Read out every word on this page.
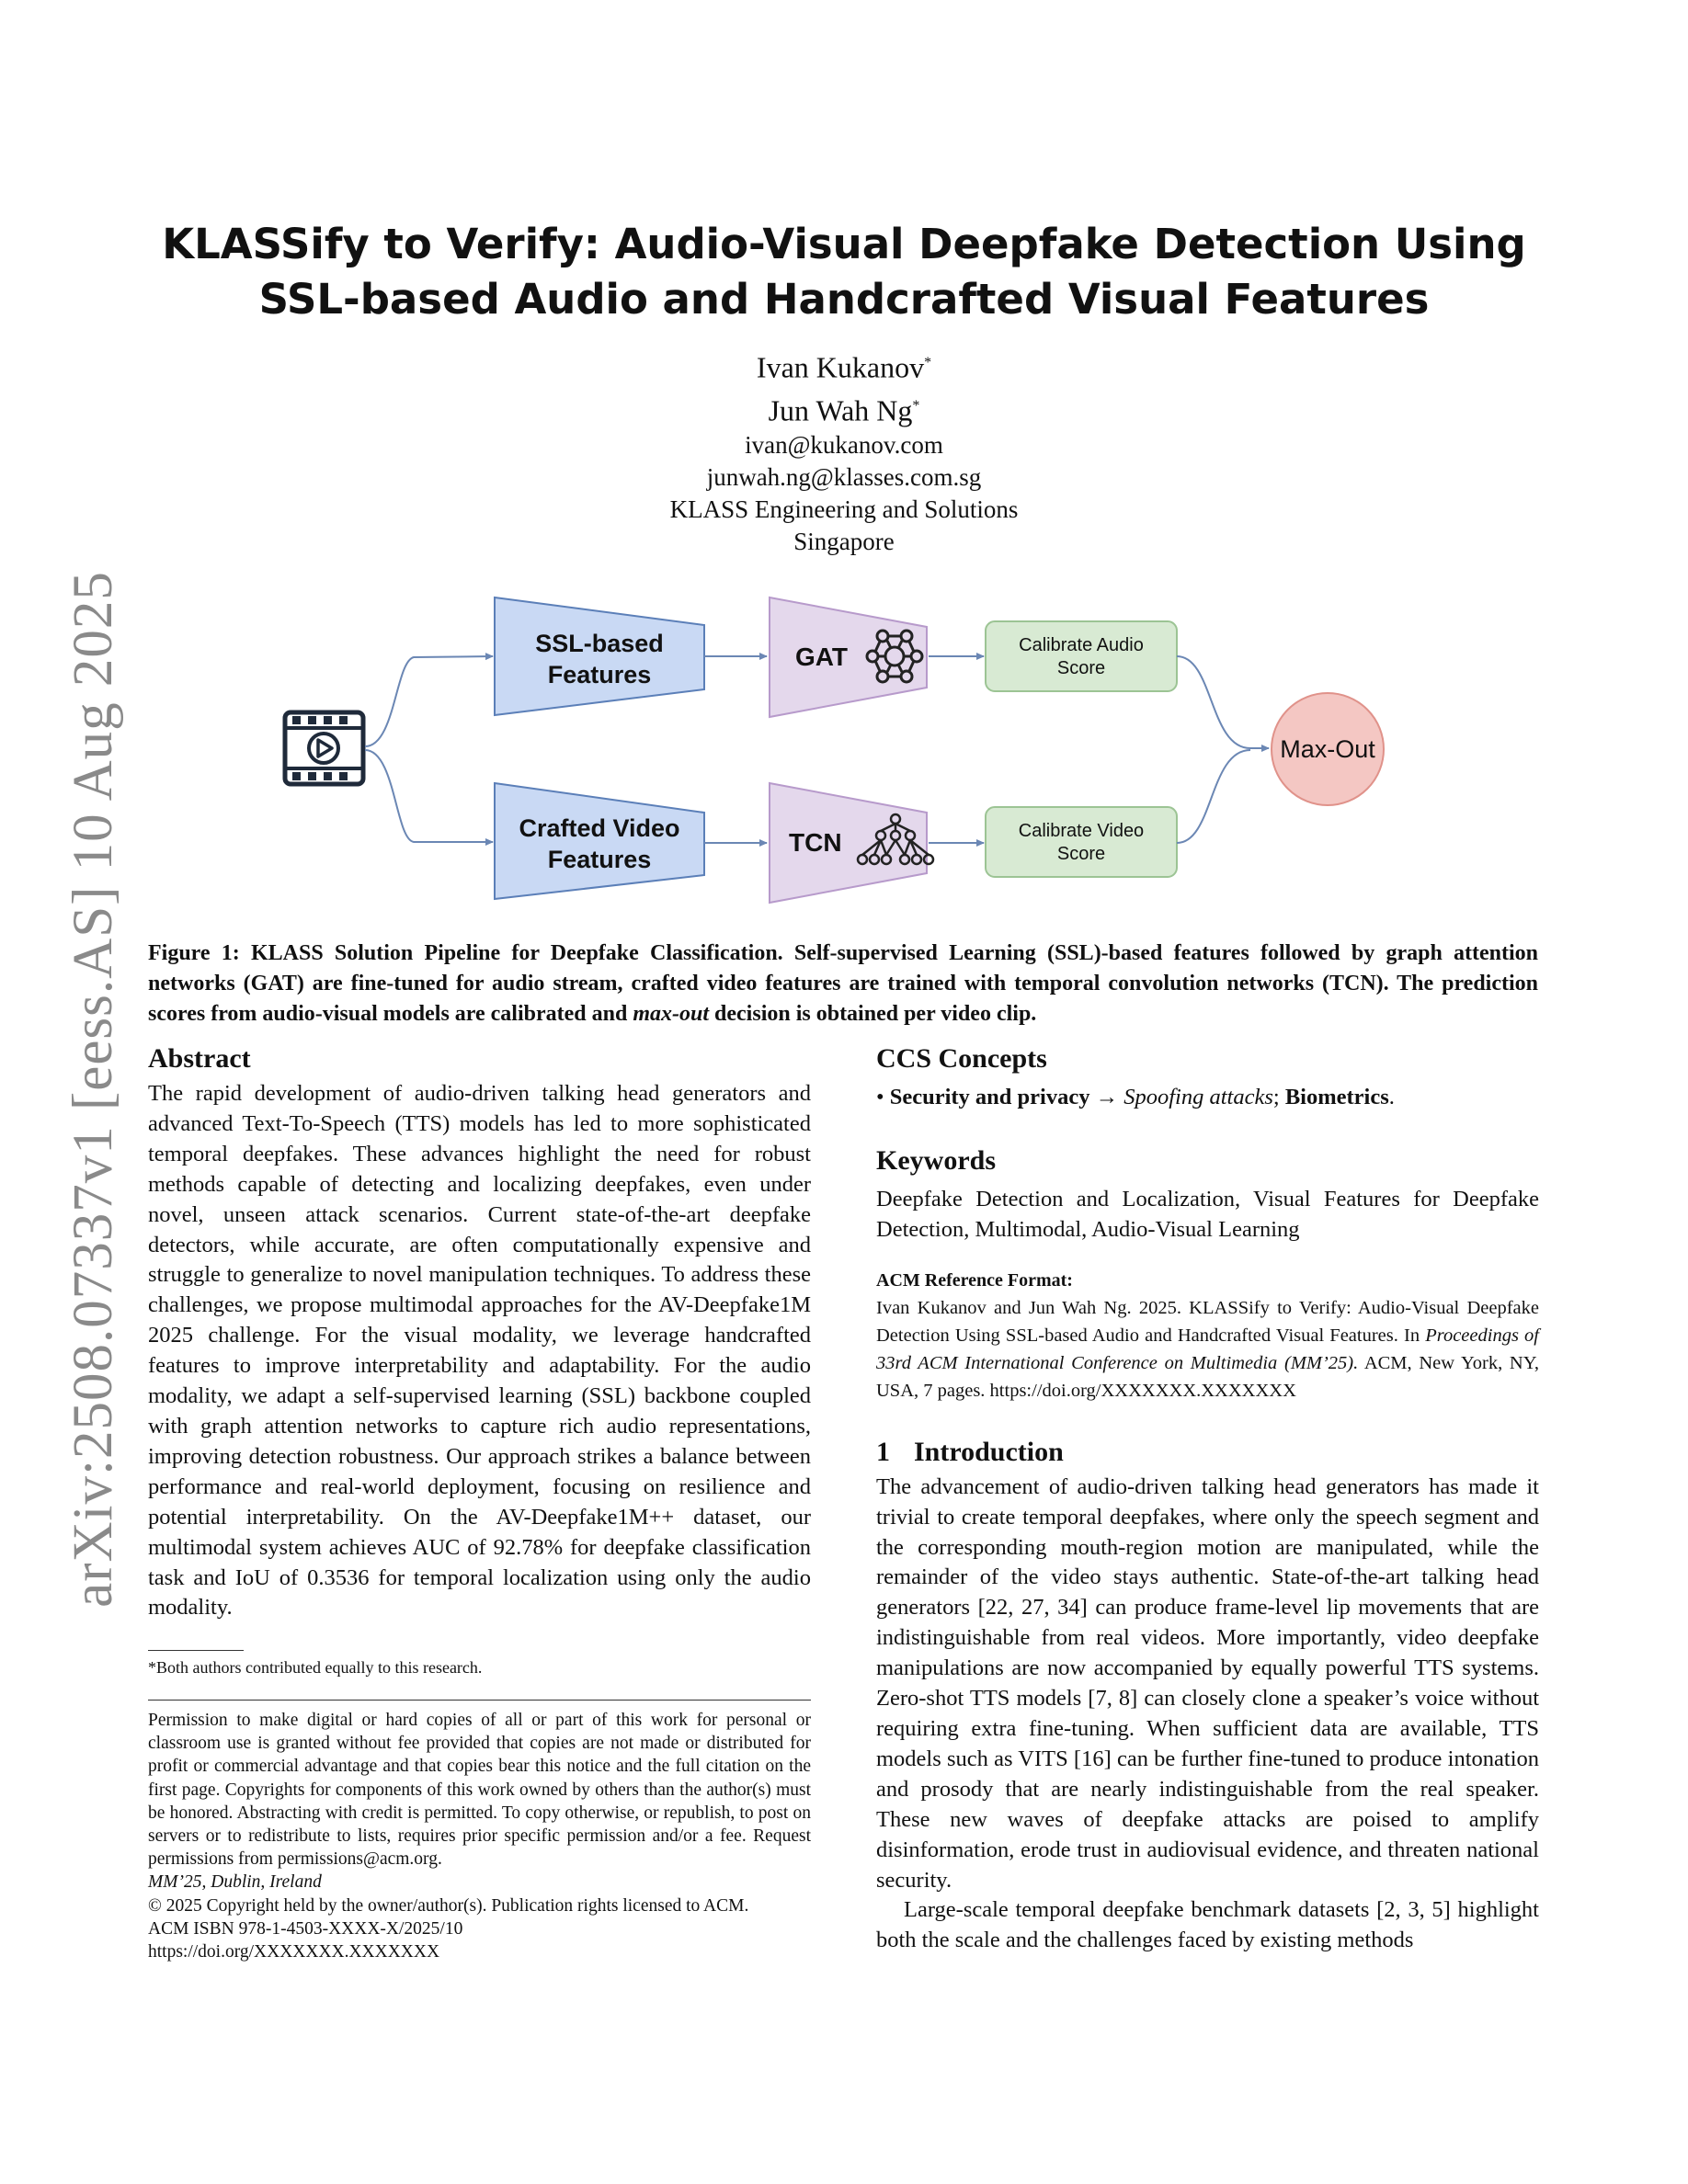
arXiv:2508.07337v1 [eess.AS] 10 Aug 2025
KLASSify to Verify: Audio-Visual Deepfake Detection Using
SSL-based Audio and Handcrafted Visual Features
Ivan Kukanov*
Jun Wah Ng*
ivan@kukanov.com
junwah.ng@klasses.com.sg
KLASS Engineering and Solutions
Singapore
SSL-based
Features
Crafted Video
Features
GAT
TCN
Calibrate Audio
Score
Calibrate Video
Score
Max-Out
Figure 1: KLASS Solution Pipeline for Deepfake Classification. Self-supervised Learning (SSL)-based features followed by graph attention networks (GAT) are fine-tuned for audio stream, crafted video features are trained with temporal convolution networks (TCN). The prediction scores from audio-visual models are calibrated and max-out decision is obtained per video clip.
Abstract

The rapid development of audio-driven talking head generators and advanced Text-To-Speech (TTS) models has led to more sophisticated temporal deepfakes. These advances highlight the need for robust methods capable of detecting and localizing deepfakes, even under novel, unseen attack scenarios. Current state-of-the-art deepfake detectors, while accurate, are often computationally expensive and struggle to generalize to novel manipulation techniques. To address these challenges, we propose multimodal approaches for the AV-Deepfake1M 2025 challenge. For the visual modality, we leverage handcrafted features to improve interpretability and adaptability. For the audio modality, we adapt a self-supervised learning (SSL) backbone coupled with graph attention networks to capture rich audio representations, improving detection robustness. Our approach strikes a balance between performance and real-world deployment, focusing on resilience and potential interpretability. On the AV-Deepfake1M++ dataset, our multimodal system achieves AUC of 92.78% for deepfake classification task and IoU of 0.3536 for temporal localization using only the audio modality.

*Both authors contributed equally to this research.

Permission to make digital or hard copies of all or part of this work for personal or classroom use is granted without fee provided that copies are not made or distributed for profit or commercial advantage and that copies bear this notice and the full citation on the first page. Copyrights for components of this work owned by others than the author(s) must be honored. Abstracting with credit is permitted. To copy otherwise, or republish, to post on servers or to redistribute to lists, requires prior specific permission and/or a fee. Request permissions from permissions@acm.org.

MM’25, Dublin, Ireland

© 2025 Copyright held by the owner/author(s). Publication rights licensed to ACM.

ACM ISBN 978-1-4503-XXXX-X/2025/10

https://doi.org/XXXXXXX.XXXXXXX

CCS Concepts

• Security and privacy → Spoofing attacks; Biometrics.

Keywords

Deepfake Detection and Localization, Visual Features for Deepfake Detection, Multimodal, Audio-Visual Learning

ACM Reference Format:

Ivan Kukanov and Jun Wah Ng. 2025. KLASSify to Verify: Audio-Visual Deepfake Detection Using SSL-based Audio and Handcrafted Visual Features. In Proceedings of 33rd ACM International Conference on Multimedia (MM’25). ACM, New York, NY, USA, 7 pages. https://doi.org/XXXXXXX.XXXXXXX

1 Introduction

The advancement of audio-driven talking head generators has made it trivial to create temporal deepfakes, where only the speech segment and the corresponding mouth-region motion are manipulated, while the remainder of the video stays authentic. State-of-the-art talking head generators [22, 27, 34] can produce frame-level lip movements that are indistinguishable from real videos. More importantly, video deepfake manipulations are now accompanied by equally powerful TTS systems. Zero-shot TTS models [7, 8] can closely clone a speaker’s voice without requiring extra fine-tuning. When sufficient data are available, TTS models such as VITS [16] can be further fine-tuned to produce intonation and prosody that are nearly indistinguishable from the real speaker. These new waves of deepfake attacks are poised to amplify disinformation, erode trust in audiovisual evidence, and threaten national security.

Large-scale temporal deepfake benchmark datasets [2, 3, 5] highlight both the scale and the challenges faced by existing methods
